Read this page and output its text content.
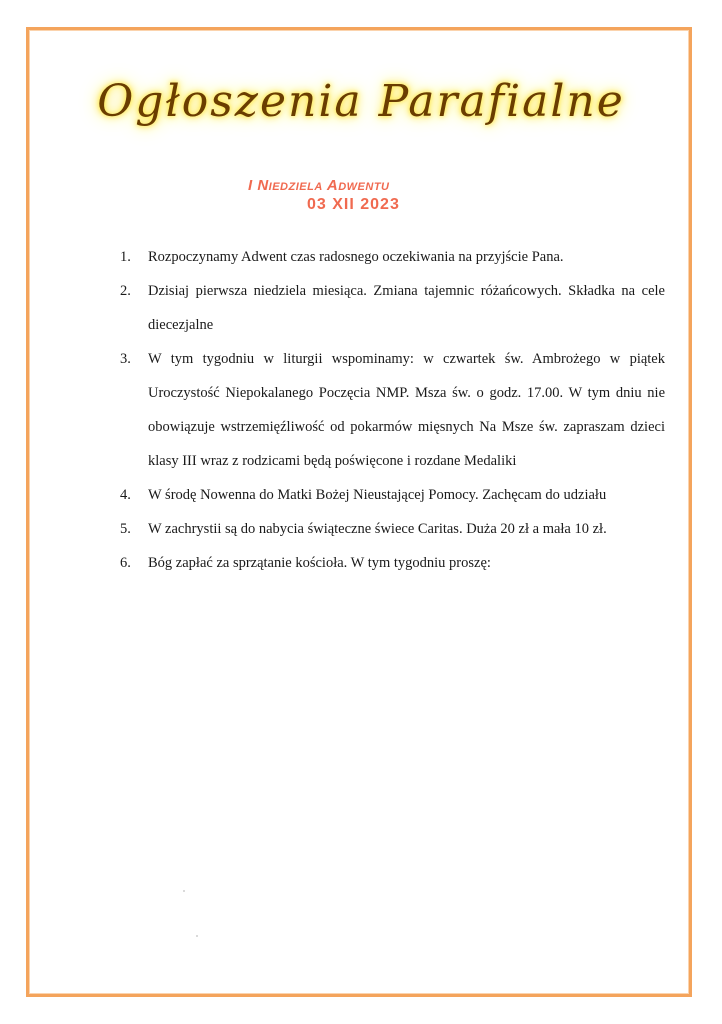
Ogłoszenia Parafialne
I Niedziela Adwentu
03 XII 2023
1.	Rozpoczynamy Adwent czas radosnego oczekiwania na przyjście Pana.
2.	Dzisiaj pierwsza niedziela miesiąca. Zmiana tajemnic różańcowych. Składka na cele diecezjalne
3.	W tym tygodniu w liturgii wspominamy: w czwartek św. Ambrożego w piątek Uroczystość Niepokalanego Poczęcia NMP. Msza św. o godz. 17.00. W tym dniu nie obowiązuje wstrzemięźliwość od pokarmów mięsnych Na Msze św. zapraszam dzieci klasy III wraz z rodzicami będą poświęcone i rozdane Medaliki
4.	W środę Nowenna do Matki Bożej Nieustającej Pomocy. Zachęcam do udziału
5.	W zachrystii są do nabycia świąteczne świece Caritas. Duża 20 zł a mała 10 zł.
6.	Bóg zapłać za sprzątanie kościoła. W tym tygodniu proszę:
